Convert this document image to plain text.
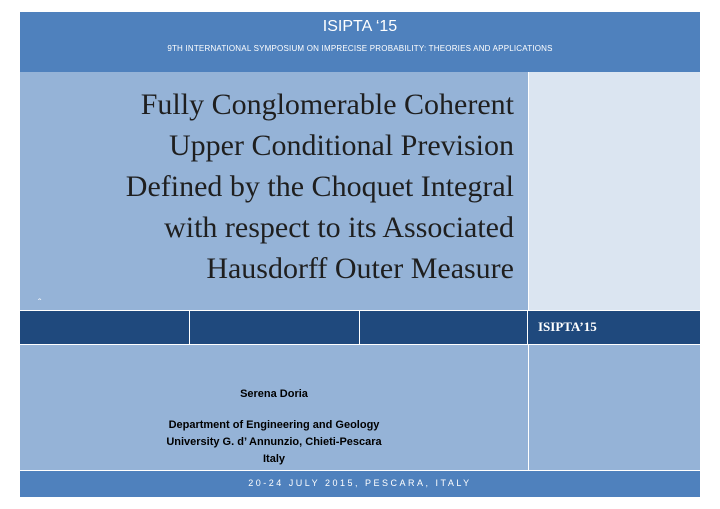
ISIPTA ‘15
9TH INTERNATIONAL SYMPOSIUM ON IMPRECISE PROBABILITY: THEORIES AND APPLICATIONS
Fully Conglomerable Coherent
Upper Conditional Prevision
Defined by the Choquet Integral
with respect to its Associated
Hausdorff Outer Measure
ˆ
ISIPTA’15
Serena Doria
Department of Engineering and Geology
University G. d’ Annunzio, Chieti-Pescara
Italy
20-24 JULY 2015, PESCARA, ITALY
